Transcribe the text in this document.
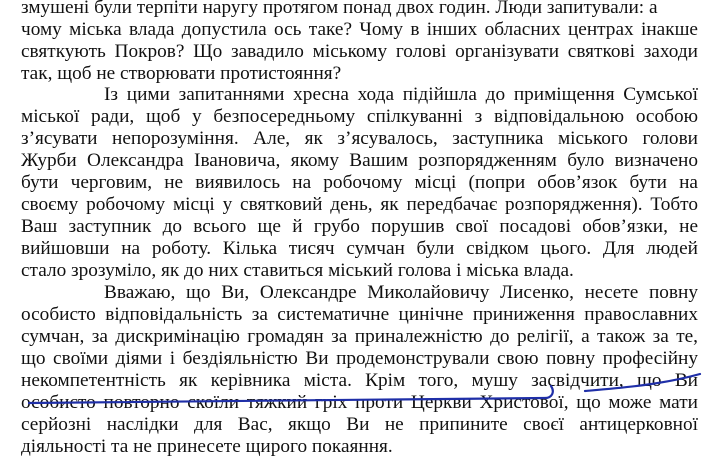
змушені були терпіти наругу протягом понад двох годин. Люди запитували: а
чому міська влада допустила ось таке? Чому в інших обласних центрах інакше
святкують Покров? Що завадило міському голові організувати святкові заходи
так, щоб не створювати протистояння?
Із цими запитаннями хресна хода підійшла до приміщення Сумської
міської ради, щоб у безпосередньому спілкуванні з відповідальною особою
з’ясувати непорозуміння. Але, як з’ясувалось, заступника міського голови
Журби Олександра Івановича, якому Вашим розпорядженням було визначено
бути черговим, не виявилось на робочому місці (попри обов’язок бути на
своєму робочому місці у святковий день, як передбачає розпорядження). Тобто
Ваш заступник до всього ще й грубо порушив свої посадові обов’язки, не
вийшовши на роботу. Кілька тисяч сумчан були свідком цього. Для людей
стало зрозуміло, як до них ставиться міський голова і міська влада.
Вважаю, що Ви, Олександре Миколайовичу Лисенко, несете повну
особисто відповідальність за систематичне цинічне приниження православних
сумчан, за дискримінацію громадян за приналежністю до релігії, а також за те,
що своїми діями і бездіяльністю Ви продемонстрували свою повну професійну
некомпетентність як керівника міста. Крім того, мушу засвідчити, що Ви
особисто повторно скоїли тяжкий гріх проти Церкви Христової, що може мати
серйозні наслідки для Вас, якщо Ви не припините своєї антицерковної
діяльності та не принесете щирого покаяння.
